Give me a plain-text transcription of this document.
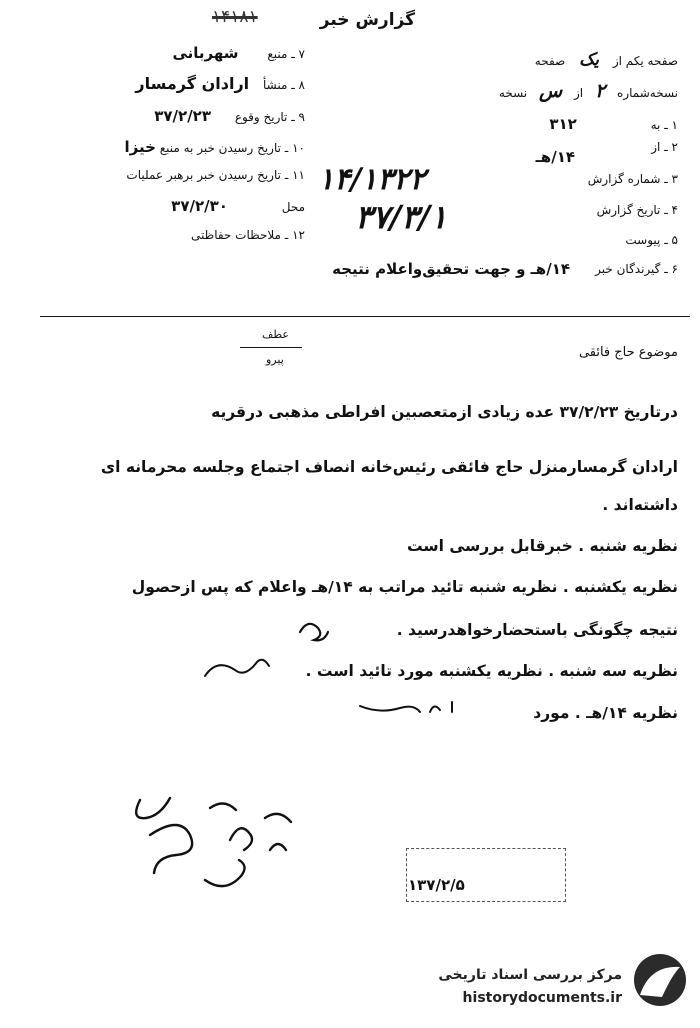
گزارش خبر
۱۴۱۸۱
صفحه یکم از یک صفحه
نسخه‌شماره ۲ از س نسخه
۱ ـ به ۳۱۲
۲ ـ از
۱۴/هـ
۳ ـ شماره گزارش
۱۴/۱۳۲۲
۴ ـ تاریخ گزارش
۳۷/۳/۱
۵ ـ پیوست
۶ ـ گیرندگان خبر
۱۴/هـ و جهت تحقیق‌واعلام نتیجه
۷ ـ منبع شهربانی
۸ ـ منشأ ارادان گرمسار
۹ ـ تاریخ وقوع ۳۷/۲/۲۳
۱۰ ـ تاریخ رسیدن خبر به منبع خیزا
۱۱ ـ تاریخ رسیدن خبر برهبر عملیات
محل ۳۷/۲/۳۰
۱۲ ـ ملاحظات حفاظتی
موضوع حاج فائقی
عطف
پیرو
درتاریخ ۳۷/۲/۲۳ عده زیادی ازمتعصبین افراطی مذهبی درقریه
ارادان گرمسارمنزل حاج فائقی رئیس‌خانه انصاف اجتماع وجلسه محرمانه ای
داشته‌اند .
نظریه شنبه . خبرقابل بررسی است
نظریه یکشنبه . نظریه شنبه تائید مراتب به ۱۴/هـ واعلام که پس ازحصول
نتیجه چگونگی باستحضارخواهدرسید .
نظریه سه شنبه . نظریه یکشنبه مورد تائید است .
نظریه ۱۴/هـ . مورد
۱۳۷/۲/۵
مرکز بررسی اسناد تاریخی
historydocuments.ir
